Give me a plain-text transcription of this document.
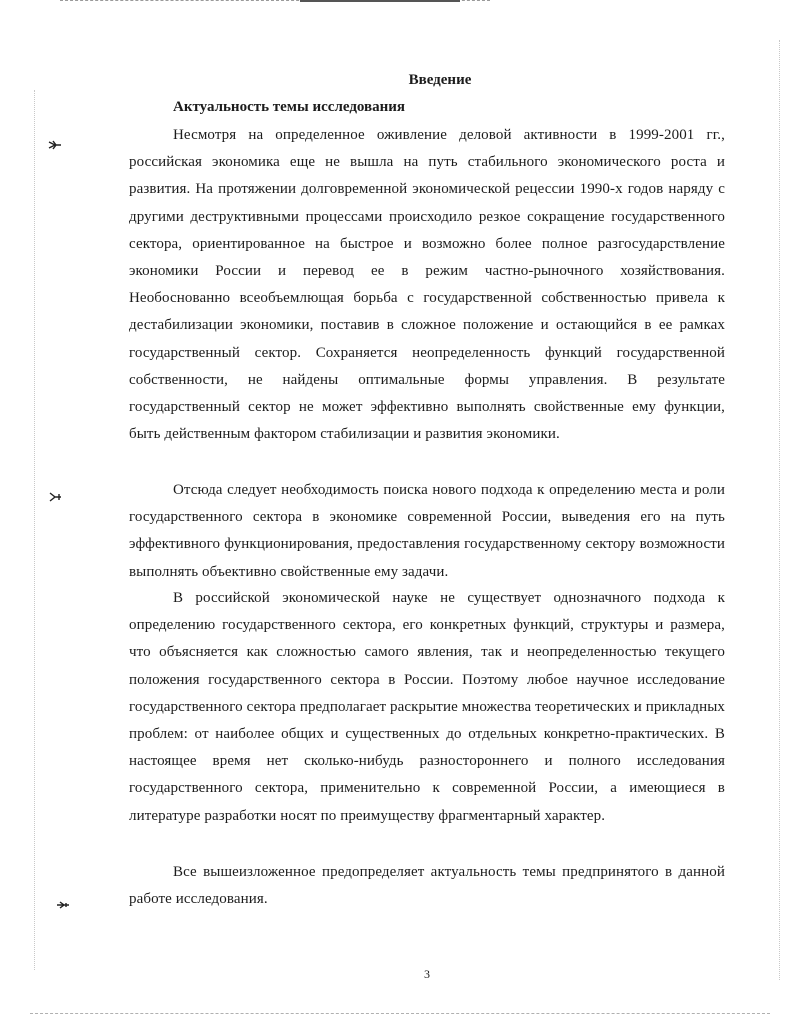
Введение
Актуальность темы исследования

Несмотря на определенное оживление деловой активности в 1999-2001 гг., российская экономика еще не вышла на путь стабильного экономического роста и развития. На протяжении долговременной экономической рецессии 1990-х годов наряду с другими деструктивными процессами происходило резкое сокращение государственного сектора, ориентированное на быстрое и возможно более полное разгосударствление экономики России и перевод ее в режим частно-рыночного хозяйствования. Необоснованно всеобъемлющая борьба с государственной собственностью привела к дестабилизации экономики, поставив в сложное положение и остающийся в ее рамках государственный сектор. Сохраняется неопределенность функций государственной собственности, не найдены оптимальные формы управления. В результате государственный сектор не может эффективно выполнять свойственные ему функции, быть действенным фактором стабилизации и развития экономики.

Отсюда следует необходимость поиска нового подхода к определению места и роли государственного сектора в экономике современной России, выведения его на путь эффективного функционирования, предоставления государственному сектору возможности выполнять объективно свойственные ему задачи.

В российской экономической науке не существует однозначного подхода к определению государственного сектора, его конкретных функций, структуры и размера, что объясняется как сложностью самого явления, так и неопределенностью текущего положения государственного сектора в России. Поэтому любое научное исследование государственного сектора предполагает раскрытие множества теоретических и прикладных проблем: от наиболее общих и существенных до отдельных конкретно-практических. В настоящее время нет сколько-нибудь разностороннего и полного исследования государственного сектора, применительно к современной России, а имеющиеся в литературе разработки носят по преимуществу фрагментарный характер.

Все вышеизложенное предопределяет актуальность темы предпринятого в данной работе исследования.

3
